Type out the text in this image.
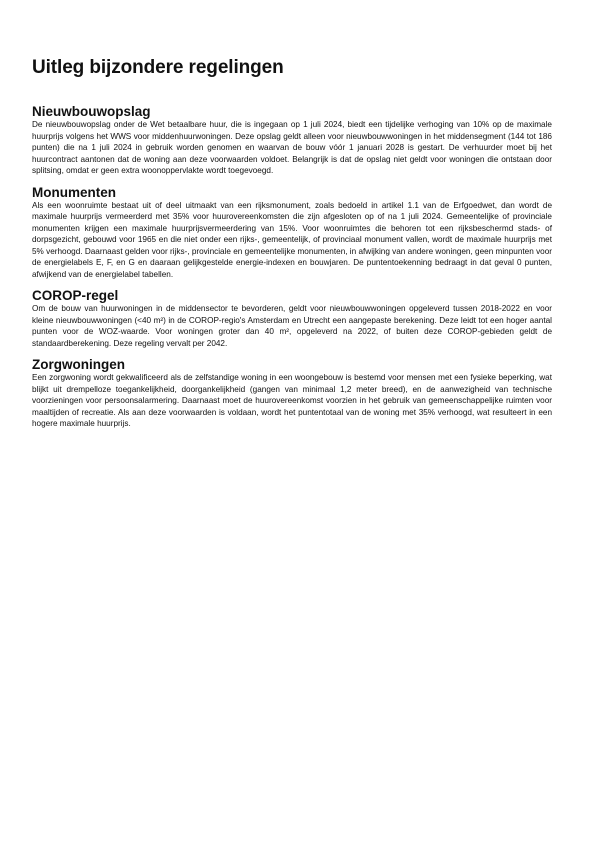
Uitleg bijzondere regelingen
Nieuwbouwopslag

De nieuwbouwopslag onder de Wet betaalbare huur, die is ingegaan op 1 juli 2024, biedt een tijdelijke verhoging van 10% op de maximale huurprijs volgens het WWS voor middenhuurwoningen. Deze opslag geldt alleen voor nieuwbouwwoningen in het middensegment (144 tot 186 punten) die na 1 juli 2024 in gebruik worden genomen en waarvan de bouw vóór 1 januari 2028 is gestart. De verhuurder moet bij het huurcontract aantonen dat de woning aan deze voorwaarden voldoet. Belangrijk is dat de opslag niet geldt voor woningen die ontstaan door splitsing, omdat er geen extra woonoppervlakte wordt toegevoegd.

Monumenten

Als een woonruimte bestaat uit of deel uitmaakt van een rijksmonument, zoals bedoeld in artikel 1.1 van de Erfgoedwet, dan wordt de maximale huurprijs vermeerderd met 35% voor huurovereenkomsten die zijn afgesloten op of na 1 juli 2024. Gemeentelijke of provinciale monumenten krijgen een maximale huurprijsvermeerdering van 15%. Voor woonruimtes die behoren tot een rijksbeschermd stads- of dorpsgezicht, gebouwd voor 1965 en die niet onder een rijks-, gemeentelijk, of provinciaal monument vallen, wordt de maximale huurprijs met 5% verhoogd. Daarnaast gelden voor rijks-, provinciale en gemeentelijke monumenten, in afwijking van andere woningen, geen minpunten voor de energielabels E, F, en G en daaraan gelijkgestelde energie-indexen en bouwjaren. De puntentoekenning bedraagt in dat geval 0 punten, afwijkend van de energielabel tabellen.

COROP-regel

Om de bouw van huurwoningen in de middensector te bevorderen, geldt voor nieuwbouwwoningen opgeleverd tussen 2018-2022 en voor kleine nieuwbouwwoningen (<40 m²) in de COROP-regio's Amsterdam en Utrecht een aangepaste berekening. Deze leidt tot een hoger aantal punten voor de WOZ-waarde. Voor woningen groter dan 40 m², opgeleverd na 2022, of buiten deze COROP-gebieden geldt de standaardberekening. Deze regeling vervalt per 2042.

Zorgwoningen

Een zorgwoning wordt gekwalificeerd als de zelfstandige woning in een woongebouw is bestemd voor mensen met een fysieke beperking, wat blijkt uit drempelloze toegankelijkheid, doorgankelijkheid (gangen van minimaal 1,2 meter breed), en de aanwezigheid van technische voorzieningen voor persoonsalarmering. Daarnaast moet de huurovereenkomst voorzien in het gebruik van gemeenschappelijke ruimten voor maaltijden of recreatie. Als aan deze voorwaarden is voldaan, wordt het puntentotaal van de woning met 35% verhoogd, wat resulteert in een hogere maximale huurprijs.
